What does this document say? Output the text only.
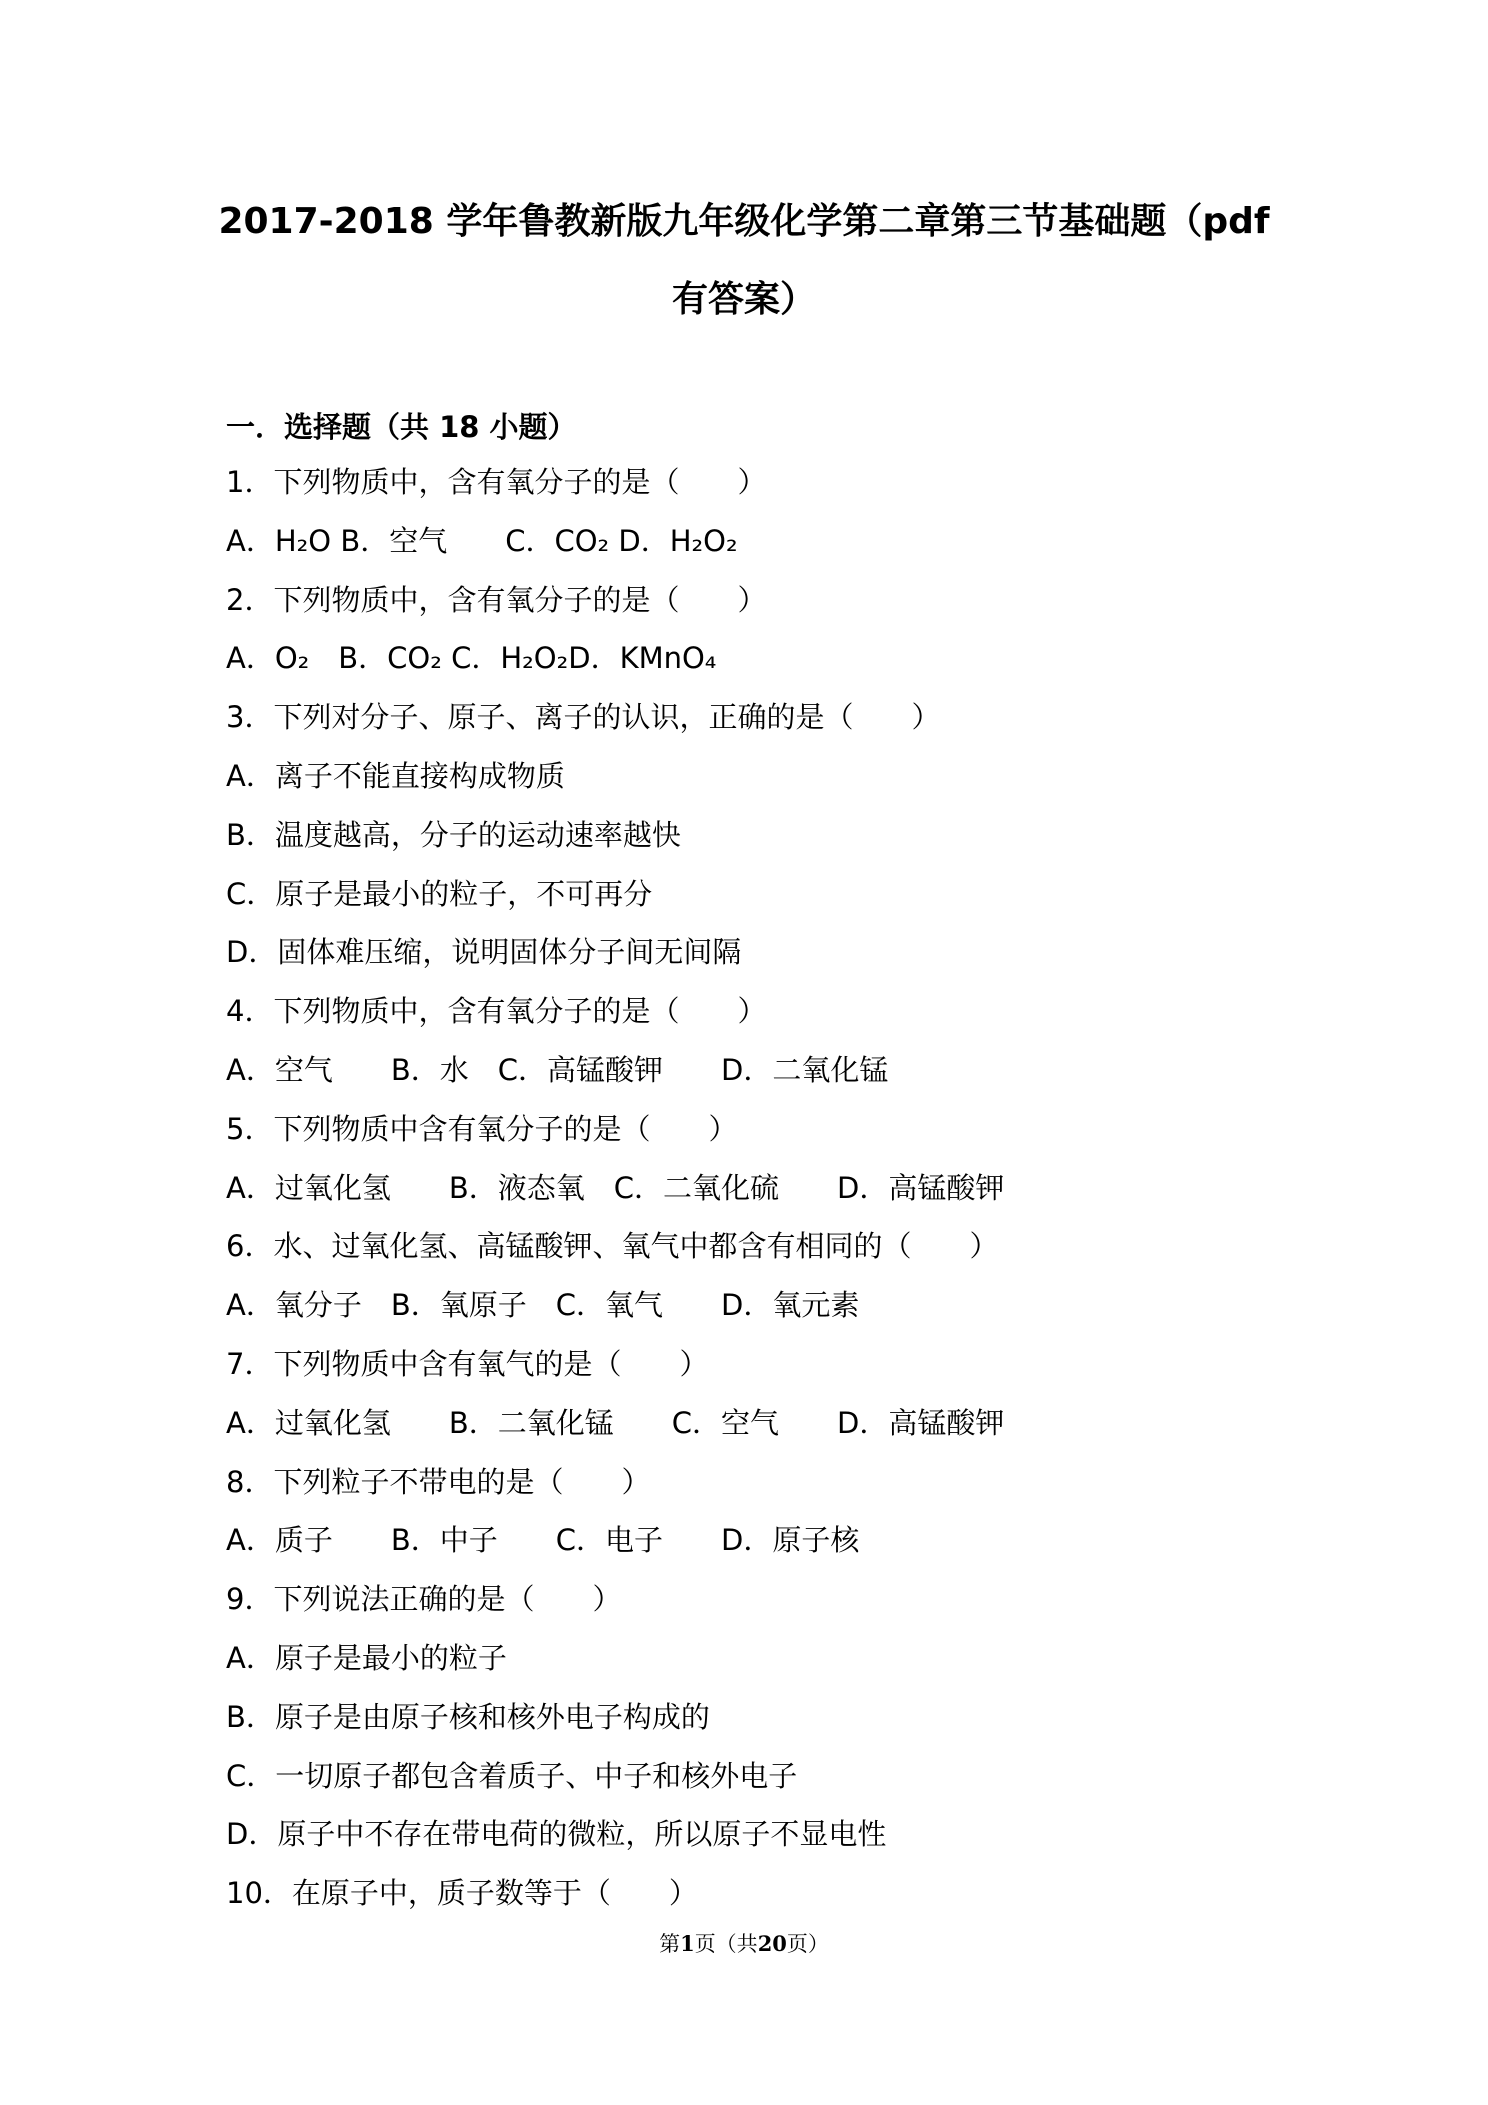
2017-2018 学年鲁教新版九年级化学第二章第三节基础题（pdf
有答案）
一．选择题（共 18 小题）
1．下列物质中，含有氧分子的是（　　）
A．H₂O B．空气　　C．CO₂ D．H₂O₂
2．下列物质中，含有氧分子的是（　　）
A．O₂　B．CO₂ C．H₂O₂D．KMnO₄
3．下列对分子、原子、离子的认识，正确的是（　　）
A．离子不能直接构成物质
B．温度越高，分子的运动速率越快
C．原子是最小的粒子，不可再分
D．固体难压缩，说明固体分子间无间隔
4．下列物质中，含有氧分子的是（　　）
A．空气　　B．水　C．高锰酸钾　　D．二氧化锰
5．下列物质中含有氧分子的是（　　）
A．过氧化氢　　B．液态氧　C．二氧化硫　　D．高锰酸钾
6．水、过氧化氢、高锰酸钾、氧气中都含有相同的（　　）
A．氧分子　B．氧原子　C．氧气　　D．氧元素
7．下列物质中含有氧气的是（　　）
A．过氧化氢　　B．二氧化锰　　C．空气　　D．高锰酸钾
8．下列粒子不带电的是（　　）
A．质子　　B．中子　　C．电子　　D．原子核
9．下列说法正确的是（　　）
A．原子是最小的粒子
B．原子是由原子核和核外电子构成的
C．一切原子都包含着质子、中子和核外电子
D．原子中不存在带电荷的微粒，所以原子不显电性
10．在原子中，质子数等于（　　）
第1页（共20页）
